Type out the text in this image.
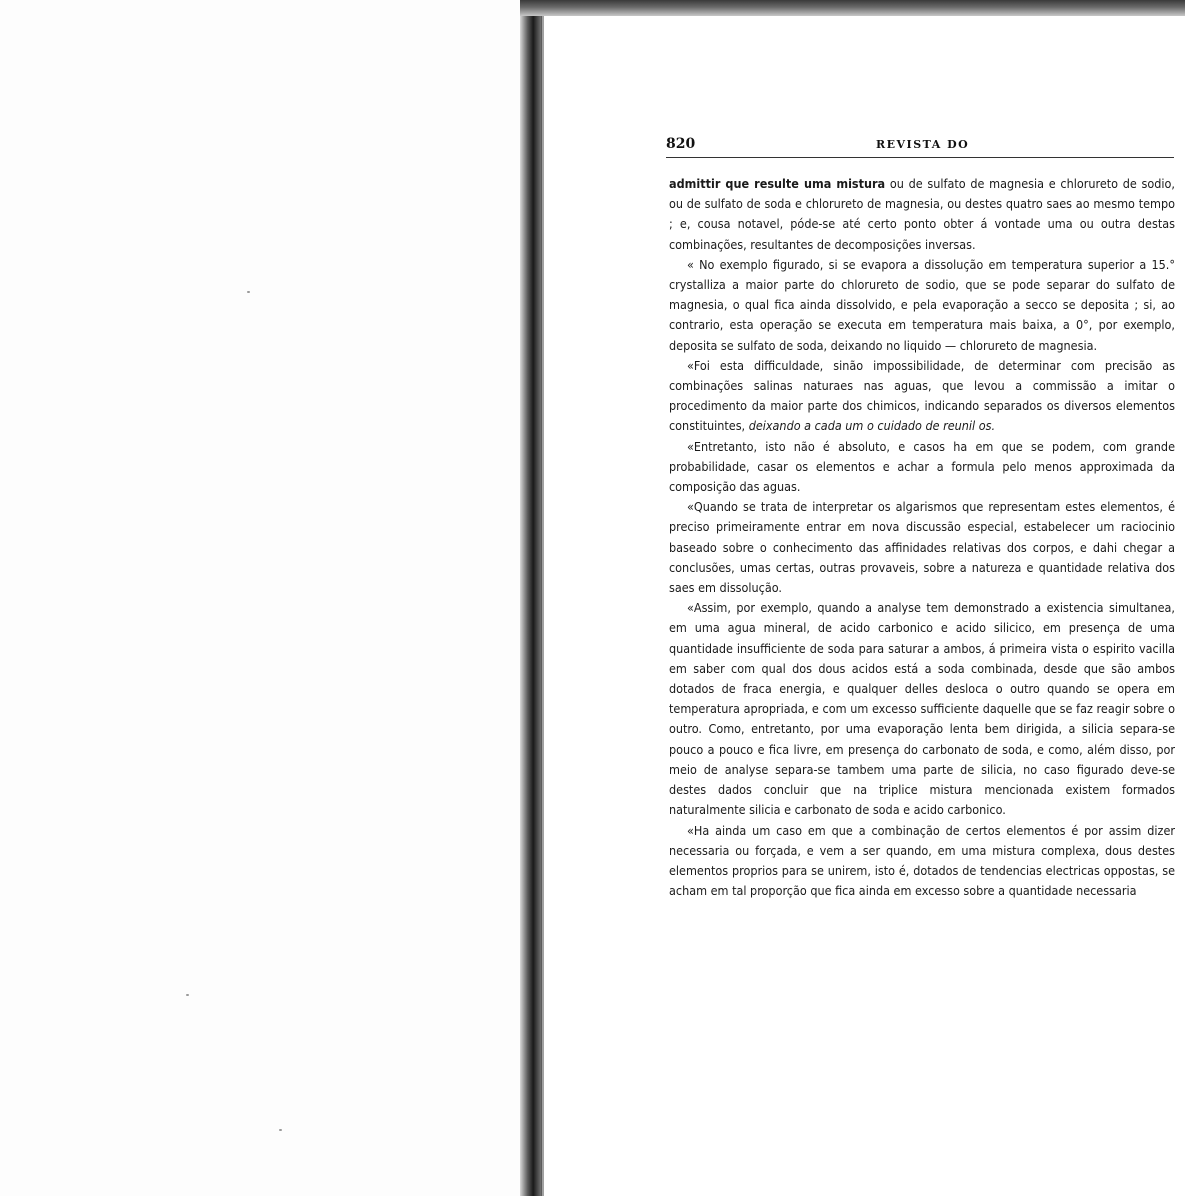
820	REVISTA DO

admittir que resulte uma mistura ou de sulfato de magnesia e chlorureto de sodio, ou de sulfato de soda e chlorureto de magnesia, ou destes quatro saes ao mesmo tempo ; e, cousa notavel, póde-se até certo ponto obter á vontade uma ou outra destas combinações, resultantes de decomposições inversas.

« No exemplo figurado, si se evapora a dissolução em temperatura superior a 15.° crystalliza a maior parte do chlorureto de sodio, que se pode separar do sulfato de magnesia, o qual fica ainda dissolvido, e pela evaporação a secco se deposita ; si, ao contrario, esta operação se executa em temperatura mais baixa, a 0°, por exemplo, deposita se sulfato de soda, deixando no liquido — chlorureto de magnesia.

«Foi esta difficuldade, sinão impossibilidade, de determinar com precisão as combinações salinas naturaes nas aguas, que levou a commissão a imitar o procedimento da maior parte dos chimicos, indicando separados os diversos elementos constituintes, deixando a cada um o cuidado de reunil os.

«Entretanto, isto não é absoluto, e casos ha em que se podem, com grande probabilidade, casar os elementos e achar a formula pelo menos approximada da composição das aguas.

«Quando se trata de interpretar os algarismos que representam estes elementos, é preciso primeiramente entrar em nova discussão especial, estabelecer um raciocinio baseado sobre o conhecimento das affinidades relativas dos corpos, e dahi chegar a conclusões, umas certas, outras provaveis, sobre a natureza e quantidade relativa dos saes em dissolução.

«Assim, por exemplo, quando a analyse tem demonstrado a existencia simultanea, em uma agua mineral, de acido carbonico e acido silicico, em presença de uma quantidade insufficiente de soda para saturar a ambos, á primeira vista o espirito vacilla em saber com qual dos dous acidos está a soda combinada, desde que são ambos dotados de fraca energia, e qualquer delles desloca o outro quando se opera em temperatura apropriada, e com um excesso sufficiente daquelle que se faz reagir sobre o outro. Como, entretanto, por uma evaporação lenta bem dirigida, a silicia separa-se pouco a pouco e fica livre, em presença do carbonato de soda, e como, além disso, por meio de analyse separa-se tambem uma parte de silicia, no caso figurado deve-se destes dados concluir que na triplice mistura mencionada existem formados naturalmente silicia e carbonato de soda e acido carbonico.

«Ha ainda um caso em que a combinação de certos elementos é por assim dizer necessaria ou forçada, e vem a ser quando, em uma mistura complexa, dous destes elementos proprios para se unirem, isto é, dotados de tendencias electricas oppostas, se acham em tal proporção que fica ainda em excesso sobre a quantidade necessaria
